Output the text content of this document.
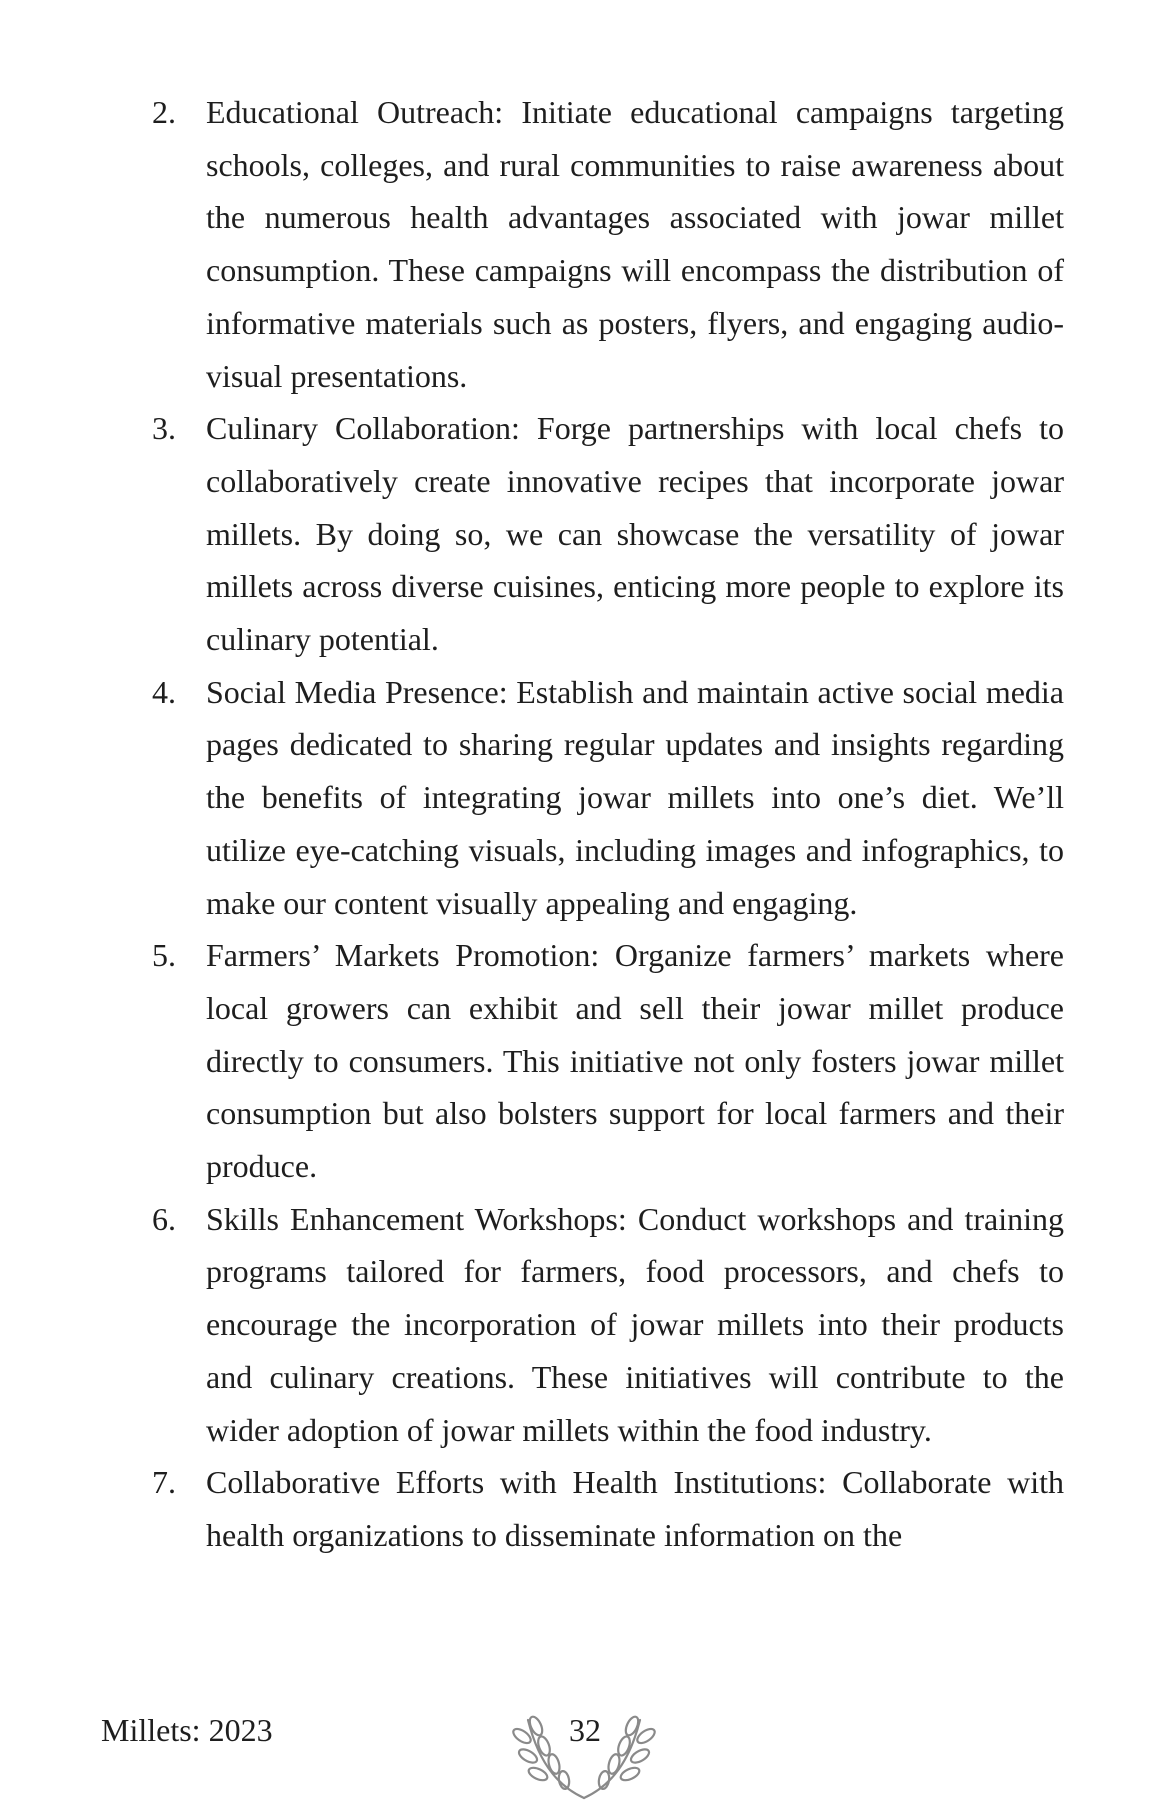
2. Educational Outreach: Initiate educational campaigns targeting schools, colleges, and rural communities to raise awareness about the numerous health advantages associated with jowar millet consumption. These campaigns will encompass the distribution of informative materials such as posters, flyers, and engaging audio-visual presentations.
3. Culinary Collaboration: Forge partnerships with local chefs to collaboratively create innovative recipes that incorporate jowar millets. By doing so, we can showcase the versatility of jowar millets across diverse cuisines, enticing more people to explore its culinary potential.
4. Social Media Presence: Establish and maintain active social media pages dedicated to sharing regular updates and insights regarding the benefits of integrating jowar millets into one’s diet. We’ll utilize eye-catching visuals, including images and infographics, to make our content visually appealing and engaging.
5. Farmers’ Markets Promotion: Organize farmers’ markets where local growers can exhibit and sell their jowar millet produce directly to consumers. This initiative not only fosters jowar millet consumption but also bolsters support for local farmers and their produce.
6. Skills Enhancement Workshops: Conduct workshops and training programs tailored for farmers, food processors, and chefs to encourage the incorporation of jowar millets into their products and culinary creations. These initiatives will contribute to the wider adoption of jowar millets within the food industry.
7. Collaborative Efforts with Health Institutions: Collaborate with health organizations to disseminate information on the
Millets: 2023	32
